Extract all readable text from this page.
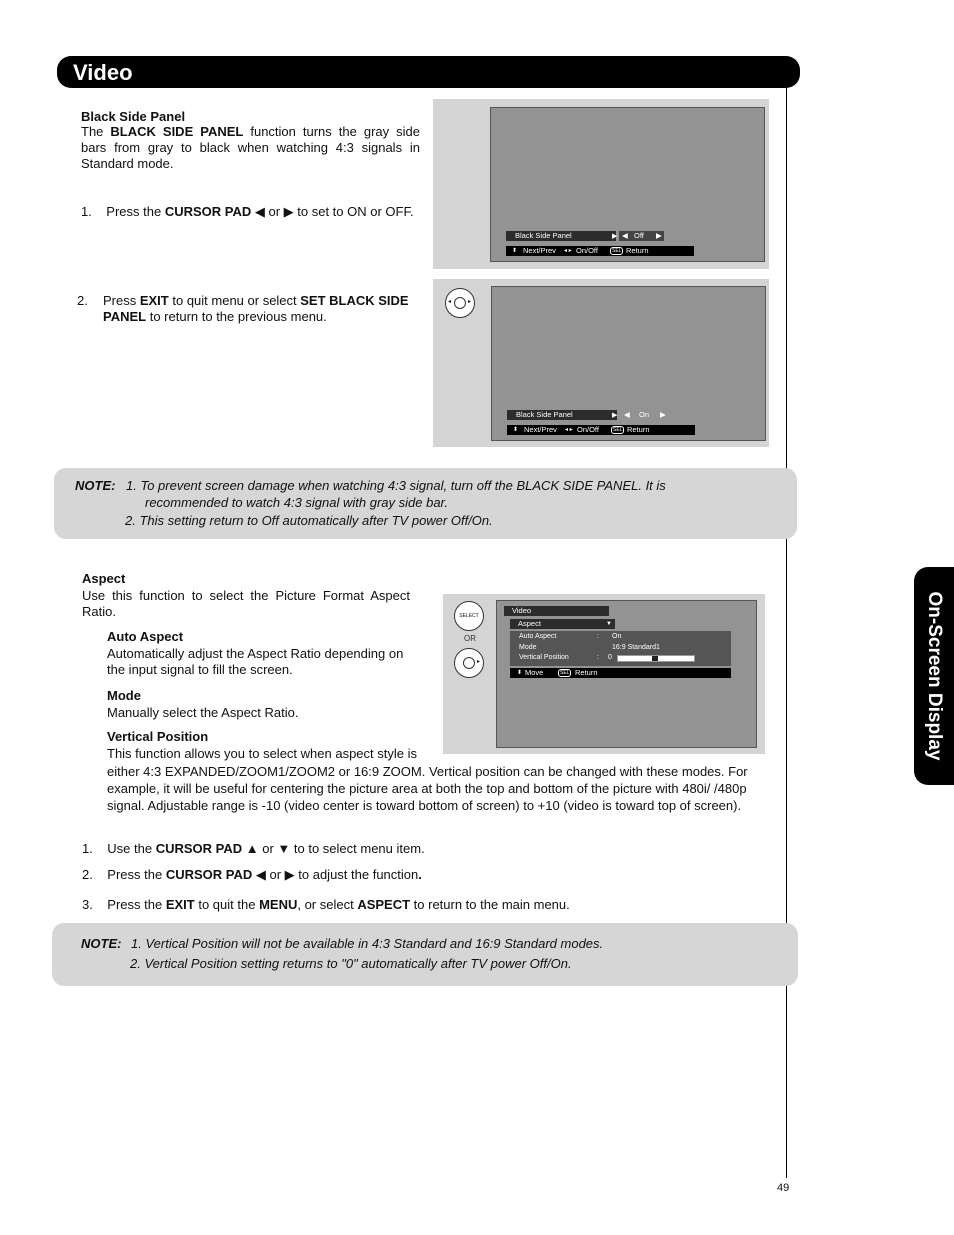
Video
On-Screen Display
Black Side Panel
The BLACK SIDE PANEL function turns the gray side bars from gray to black when watching 4:3 signals in Standard mode.
1. Press the CURSOR PAD ◀ or ▶ to set to ON or OFF.
2.	Press EXIT to quit menu or select SET BLACK SIDE PANEL to return to the previous menu.
Black Side Panel	▶ ◀ Off ▶
⬍ Next/Prev ◂ ▸ On/Off	SEL Return
◂	▸
Black Side Panel	▶ ◀ On ▶
⬍ Next/Prev ◂ ▸ On/Off	SEL Return
NOTE: 1. To prevent screen damage when watching 4:3 signal, turn off the BLACK SIDE PANEL. It is
recommended to watch 4:3 signal with gray side bar.
2. This setting return to Off automatically after TV power Off/On.
Aspect
Use this function to select the Picture Format Aspect Ratio.
Auto Aspect
Automatically adjust the Aspect Ratio depending on the input signal to fill the screen.
Mode
Manually select the Aspect Ratio.
Vertical Position
This function allows you to select when aspect style is
either 4:3 EXPANDED/ZOOM1/ZOOM2 or 16:9 ZOOM. Vertical position can be changed with these modes. For example, it will be useful for centering the picture area at both the top and bottom of the picture with 480i/ /480p signal. Adjustable range is -10 (video center is toward bottom of screen) to +10 (video is toward top of screen).
1. Use the CURSOR PAD ▲ or ▼ to to select menu item.
2. Press the CURSOR PAD ◀ or ▶ to adjust the function.
3. Press the EXIT to quit the MENU, or select ASPECT to return to the main menu.
SELECT
OR
▸
Video
Aspect	▼
Auto Aspect	: On
Mode	16:9 Standard1
Vertical Position	: 0
⬍ Move	SEL Return
NOTE: 1. Vertical Position will not be available in 4:3 Standard and 16:9 Standard modes.
2. Vertical Position setting returns to "0" automatically after TV power Off/On.
49
